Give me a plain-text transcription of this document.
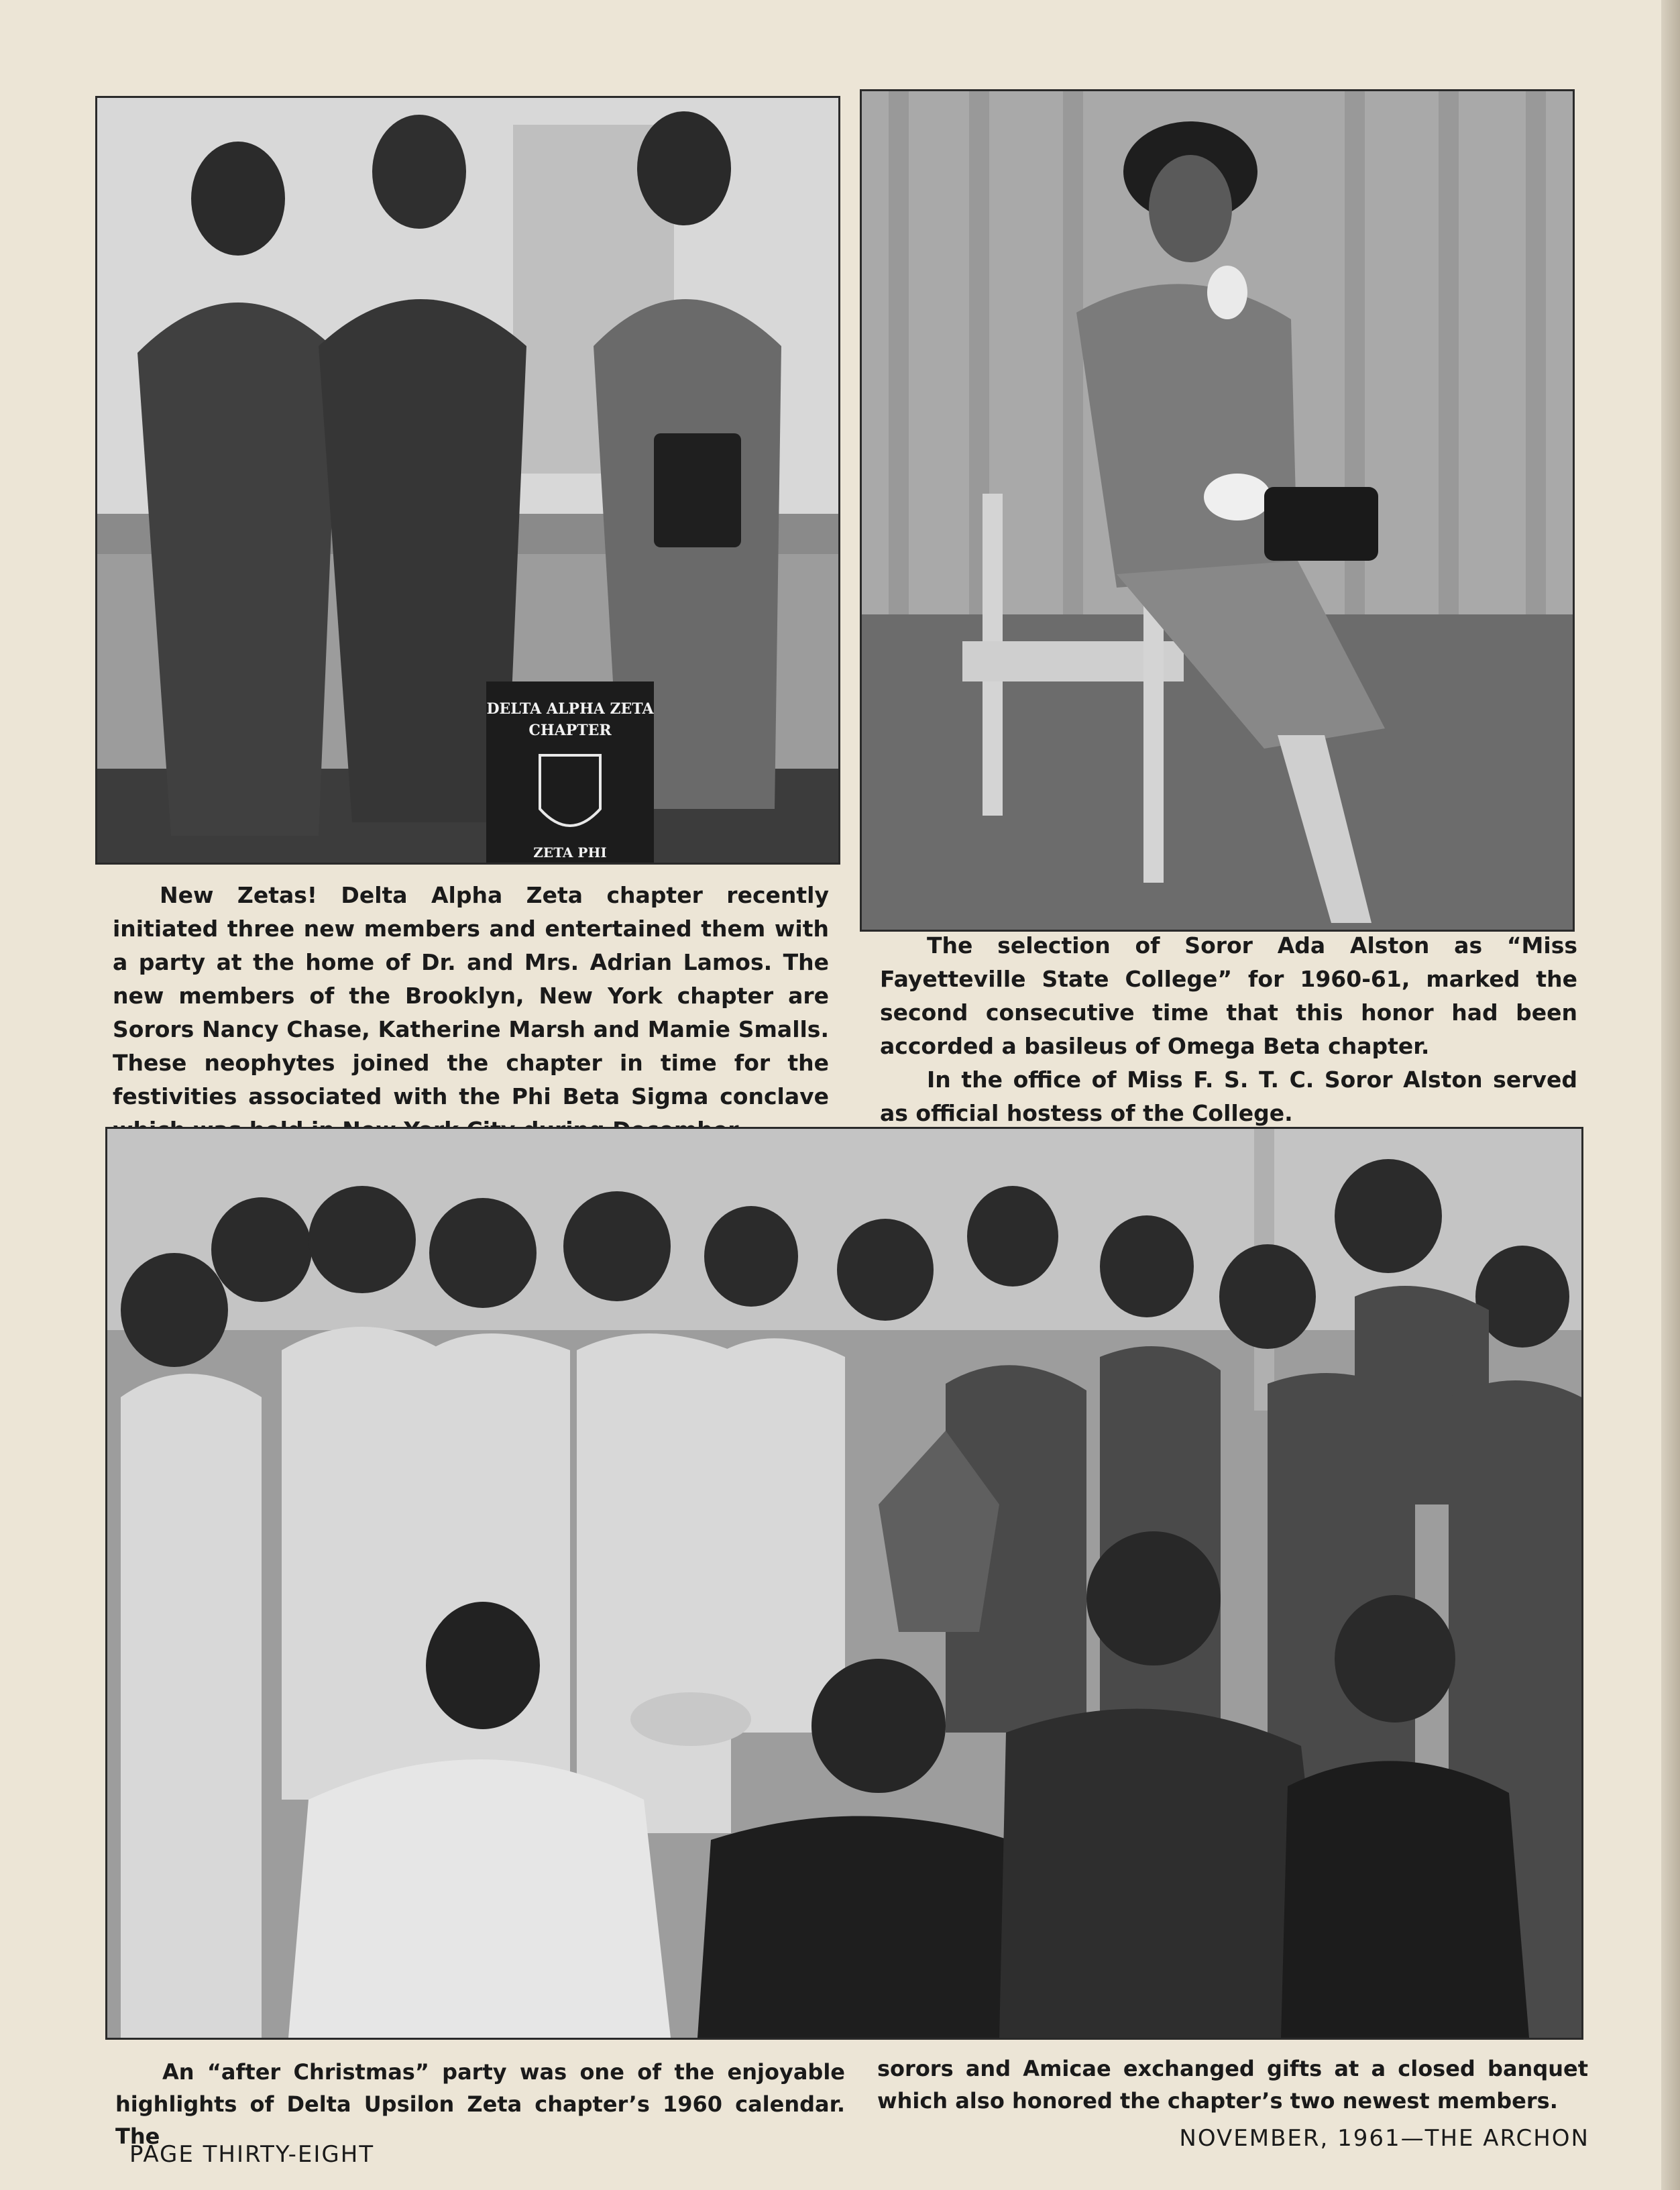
DELTA ALPHA ZETA
CHAPTER
ZETA PHI

New Zetas! Delta Alpha Zeta chapter recently initiated three new members and entertained them with a party at the home of Dr. and Mrs. Adrian Lamos. The new members of the Brooklyn, New York chapter are Sorors Nancy Chase, Katherine Marsh and Mamie Smalls. These neophytes joined the chapter in time for the festivities associated with the Phi Beta Sigma conclave

The selection of Soror Ada Alston as “Miss Fayetteville State College” for 1960-61, marked the second consecutive time that this honor had been accorded a basileus of Omega Beta chapter.

In the office of Miss F. S. T. C. Soror Alston served as official hostess of the College.

An “after Christmas” party was one of the enjoyable highlights of Delta Upsilon Zeta chapter’s 1960 calendar. The

sorors and Amicae exchanged gifts at a closed banquet which also honored the chapter’s two newest members.

PAGE THIRTY-EIGHT
NOVEMBER, 1961—THE ARCHON
